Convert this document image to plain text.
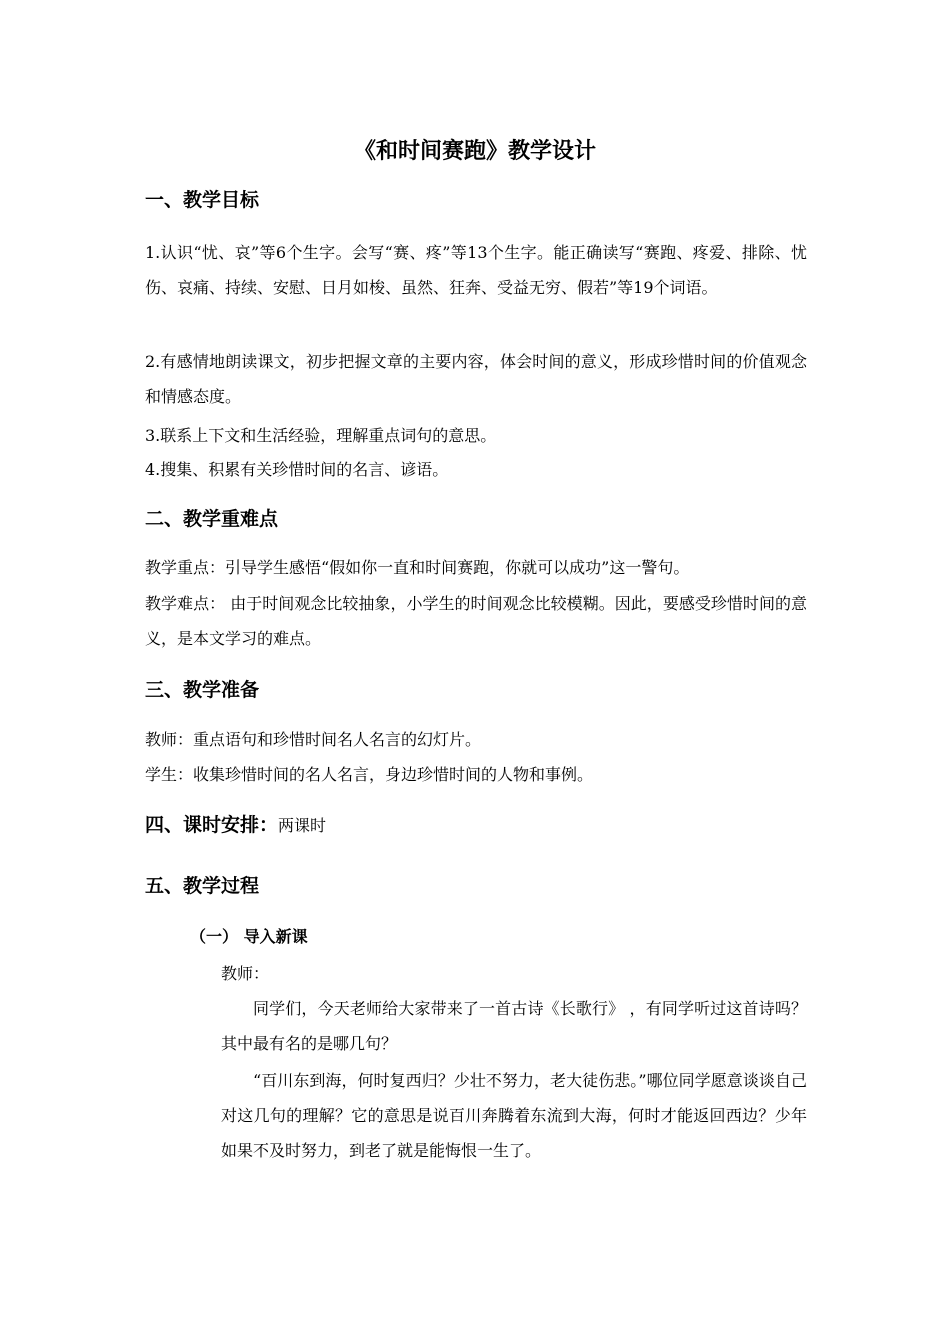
《和时间赛跑》教学设计
一、教学目标
1.认识“忧、哀”等6个生字。会写“赛、疼”等13个生字。能正确读写“赛跑、疼爱、排除、忧伤、哀痛、持续、安慰、日月如梭、虽然、狂奔、受益无穷、假若”等19个词语。
2.有感情地朗读课文，初步把握文章的主要内容，体会时间的意义，形成珍惜时间的价值观念和情感态度。
3.联系上下文和生活经验，理解重点词句的意思。
4.搜集、积累有关珍惜时间的名言、谚语。
二、教学重难点
教学重点：引导学生感悟“假如你一直和时间赛跑，你就可以成功”这一警句。
教学难点： 由于时间观念比较抽象，小学生的时间观念比较模糊。因此，要感受珍惜时间的意义，是本文学习的难点。
三、教学准备
教师：重点语句和珍惜时间名人名言的幻灯片。
学生：收集珍惜时间的名人名言，身边珍惜时间的人物和事例。
四、课时安排：两课时
五、教学过程
（一） 导入新课
教师：
同学们，今天老师给大家带来了一首古诗《长歌行》 ，有同学听过这首诗吗？其中最有名的是哪几句？
“百川东到海，何时复西归？少壮不努力，老大徒伤悲。”哪位同学愿意谈谈自己对这几句的理解？它的意思是说百川奔腾着东流到大海，何时才能返回西边？少年如果不及时努力，到老了就是能悔恨一生了。
